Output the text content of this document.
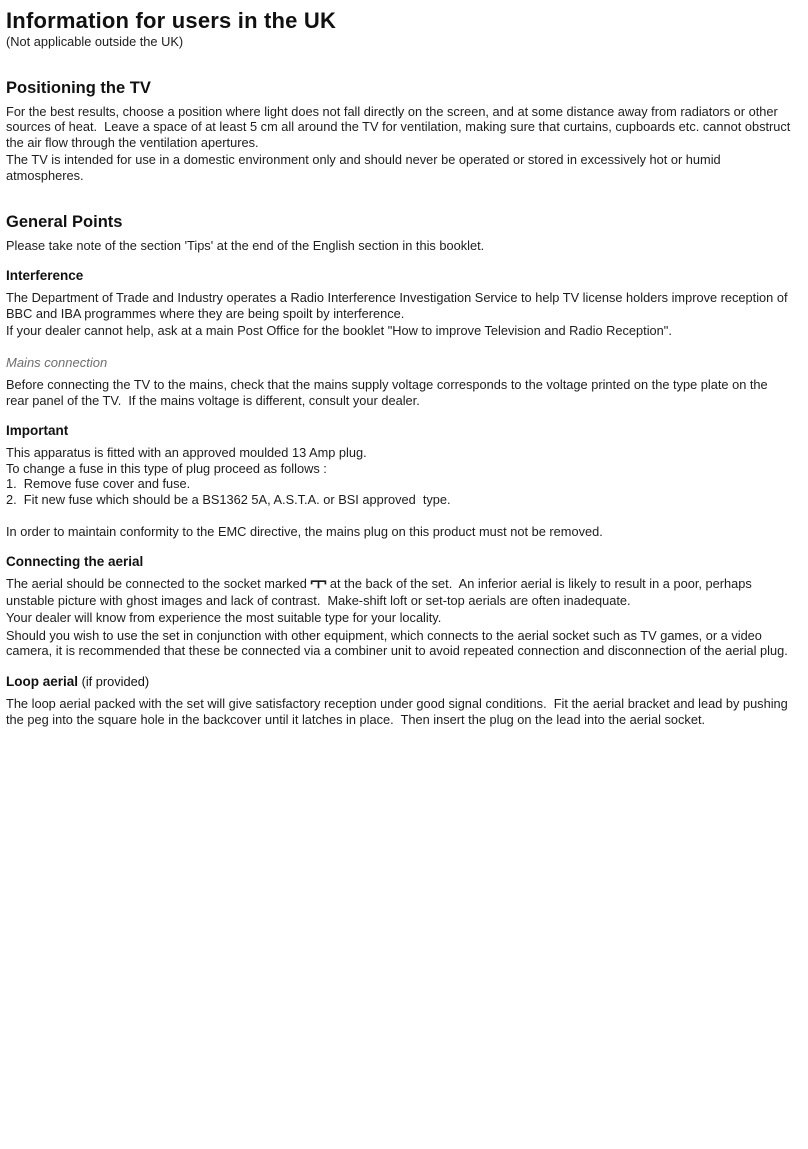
Information for users in the UK

(Not applicable outside the UK)

Positioning the TV

For the best results, choose a position where light does not fall directly on the screen, and at some distance away from radiators or other sources of heat.  Leave a space of at least 5 cm all around the TV for ventilation, making sure that curtains, cupboards etc. cannot obstruct the air flow through the ventilation apertures.

The TV is intended for use in a domestic environment only and should never be operated or stored in excessively hot or humid atmospheres.

General Points

Please take note of the section 'Tips' at the end of the English section in this booklet.

Interference

The Department of Trade and Industry operates a Radio Interference Investigation Service to help TV license holders improve reception of BBC and IBA programmes where they are being spoilt by interference.

If your dealer cannot help, ask at a main Post Office for the booklet "How to improve Television and Radio Reception".

Mains connection

Before connecting the TV to the mains, check that the mains supply voltage corresponds to the voltage printed on the type plate on the rear panel of the TV.  If the mains voltage is different, consult your dealer.

Important

This apparatus is fitted with an approved moulded 13 Amp plug.

To change a fuse in this type of plug proceed as follows :

1.  Remove fuse cover and fuse.

2.  Fit new fuse which should be a BS1362 5A, A.S.T.A. or BSI approved  type.

In order to maintain conformity to the EMC directive, the mains plug on this product must not be removed.

Connecting the aerial

The aerial should be connected to the socket marked at the back of the set.  An inferior aerial is likely to result in a poor, perhaps unstable picture with ghost images and lack of contrast.  Make-shift loft or set-top aerials are often inadequate.

Your dealer will know from experience the most suitable type for your locality.

Should you wish to use the set in conjunction with other equipment, which connects to the aerial socket such as TV games, or a video camera, it is recommended that these be connected via a combiner unit to avoid repeated connection and disconnection of the aerial plug.

Loop aerial (if provided)

The loop aerial packed with the set will give satisfactory reception under good signal conditions.  Fit the aerial bracket and lead by pushing the peg into the square hole in the backcover until it latches in place.  Then insert the plug on the lead into the aerial socket.
